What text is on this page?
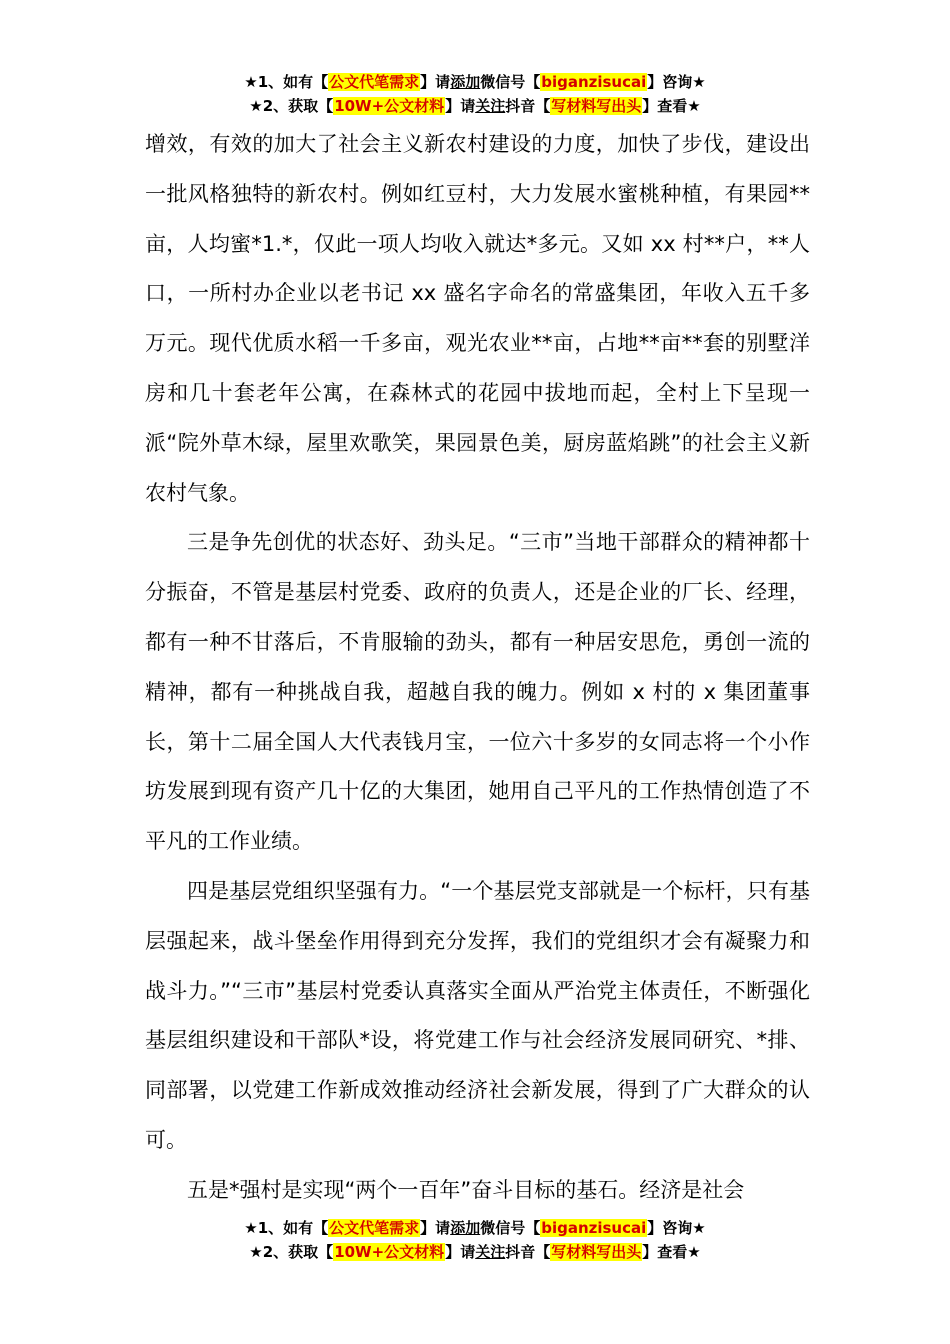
★1、如有【公文代笔需求】请添加微信号【biganzisucai】咨询★
★2、获取【10W+公文材料】请关注抖音【写材料写出头】查看★

增效，有效的加大了社会主义新农村建设的力度，加快了步伐，建设出一批风格独特的新农村。例如红豆村，大力发展水蜜桃种植，有果园**亩，人均蜜*1.*，仅此一项人均收入就达*多元。又如 xx 村**户，**人口，一所村办企业以老书记 xx 盛名字命名的常盛集团，年收入五千多万元。现代优质水稻一千多亩，观光农业**亩，占地**亩**套的别墅洋房和几十套老年公寓，在森林式的花园中拔地而起，全村上下呈现一派“院外草木绿，屋里欢歌笑，果园景色美，厨房蓝焰跳”的社会主义新农村气象。

三是争先创优的状态好、劲头足。“三市”当地干部群众的精神都十分振奋，不管是基层村党委、政府的负责人，还是企业的厂长、经理，都有一种不甘落后，不肯服输的劲头，都有一种居安思危，勇创一流的精神，都有一种挑战自我，超越自我的魄力。例如 x 村的 x 集团董事长，第十二届全国人大代表钱月宝，一位六十多岁的女同志将一个小作坊发展到现有资产几十亿的大集团，她用自己平凡的工作热情创造了不平凡的工作业绩。

四是基层党组织坚强有力。“一个基层党支部就是一个标杆，只有基层强起来，战斗堡垒作用得到充分发挥，我们的党组织才会有凝聚力和战斗力。”“三市”基层村党委认真落实全面从严治党主体责任，不断强化基层组织建设和干部队*设，将党建工作与社会经济发展同研究、*排、同部署，以党建工作新成效推动经济社会新发展，得到了广大群众的认可。

五是*强村是实现“两个一百年”奋斗目标的基石。经济是社会

★1、如有【公文代笔需求】请添加微信号【biganzisucai】咨询★
★2、获取【10W+公文材料】请关注抖音【写材料写出头】查看★
